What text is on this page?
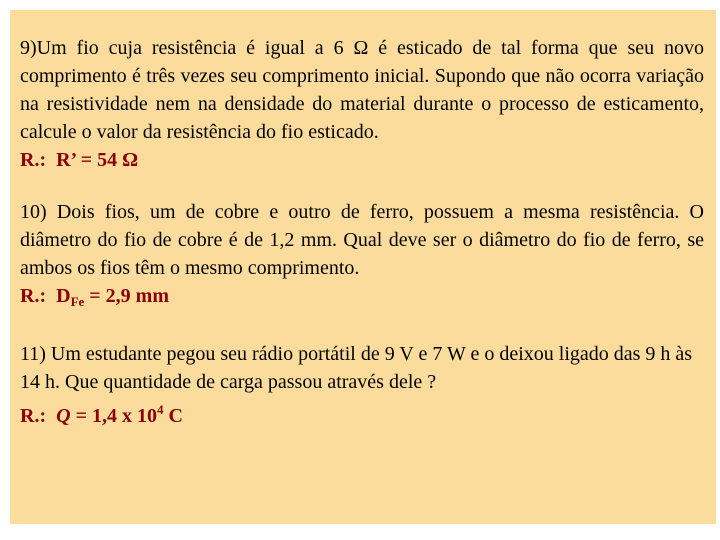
9)Um fio cuja resistência é igual a 6 Ω é esticado de tal forma que seu novo comprimento é três vezes seu comprimento inicial. Supondo que não ocorra variação na resistividade nem na densidade do material durante o processo de esticamento, calcule o valor da resistência do fio esticado.
R.: R’ = 54 Ω
10) Dois fios, um de cobre e outro de ferro, possuem a mesma resistência. O diâmetro do fio de cobre é de 1,2 mm. Qual deve ser o diâmetro do fio de ferro, se ambos os fios têm o mesmo comprimento.
R.: $D_{Fe} = 2,9$ mm
11) Um estudante pegou seu rádio portátil de 9 V e 7 W e o deixou ligado das 9 h às 14 h. Que quantidade de carga passou através dele ?
R.: Q = 1,4 x $10^4$ C
